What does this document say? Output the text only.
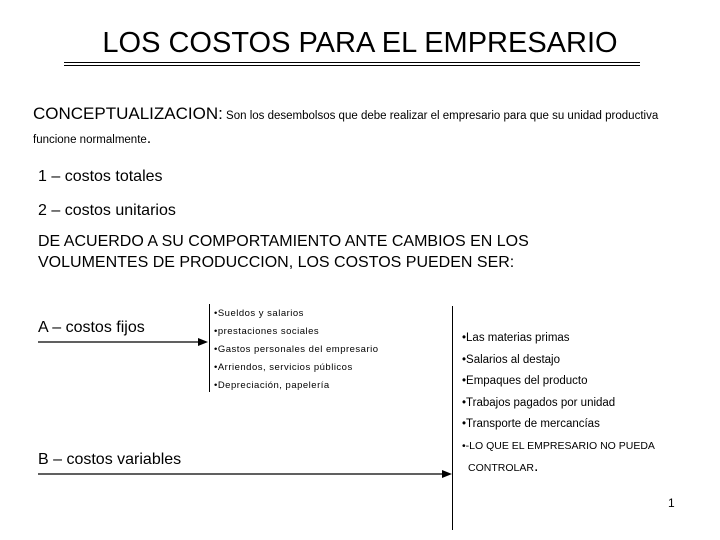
LOS COSTOS PARA EL EMPRESARIO
CONCEPTUALIZACION: Son los desembolsos que debe realizar el empresario para que su unidad productiva
funcione normalmente.
1 – costos totales
2 – costos unitarios
DE ACUERDO A SU COMPORTAMIENTO ANTE CAMBIOS EN LOS
VOLUMENTES DE PRODUCCION, LOS COSTOS PUEDEN SER:
A – costos fijos
•Sueldos y salarios
•prestaciones sociales
•Gastos personales del empresario
•Arriendos, servicios públicos
•Depreciación, papelería
•Las materias primas
•Salarios al destajo
•Empaques del producto
•Trabajos pagados por unidad
•Transporte de mercancías
•-LO QUE EL EMPRESARIO NO PUEDA
CONTROLAR.
B – costos variables
1
